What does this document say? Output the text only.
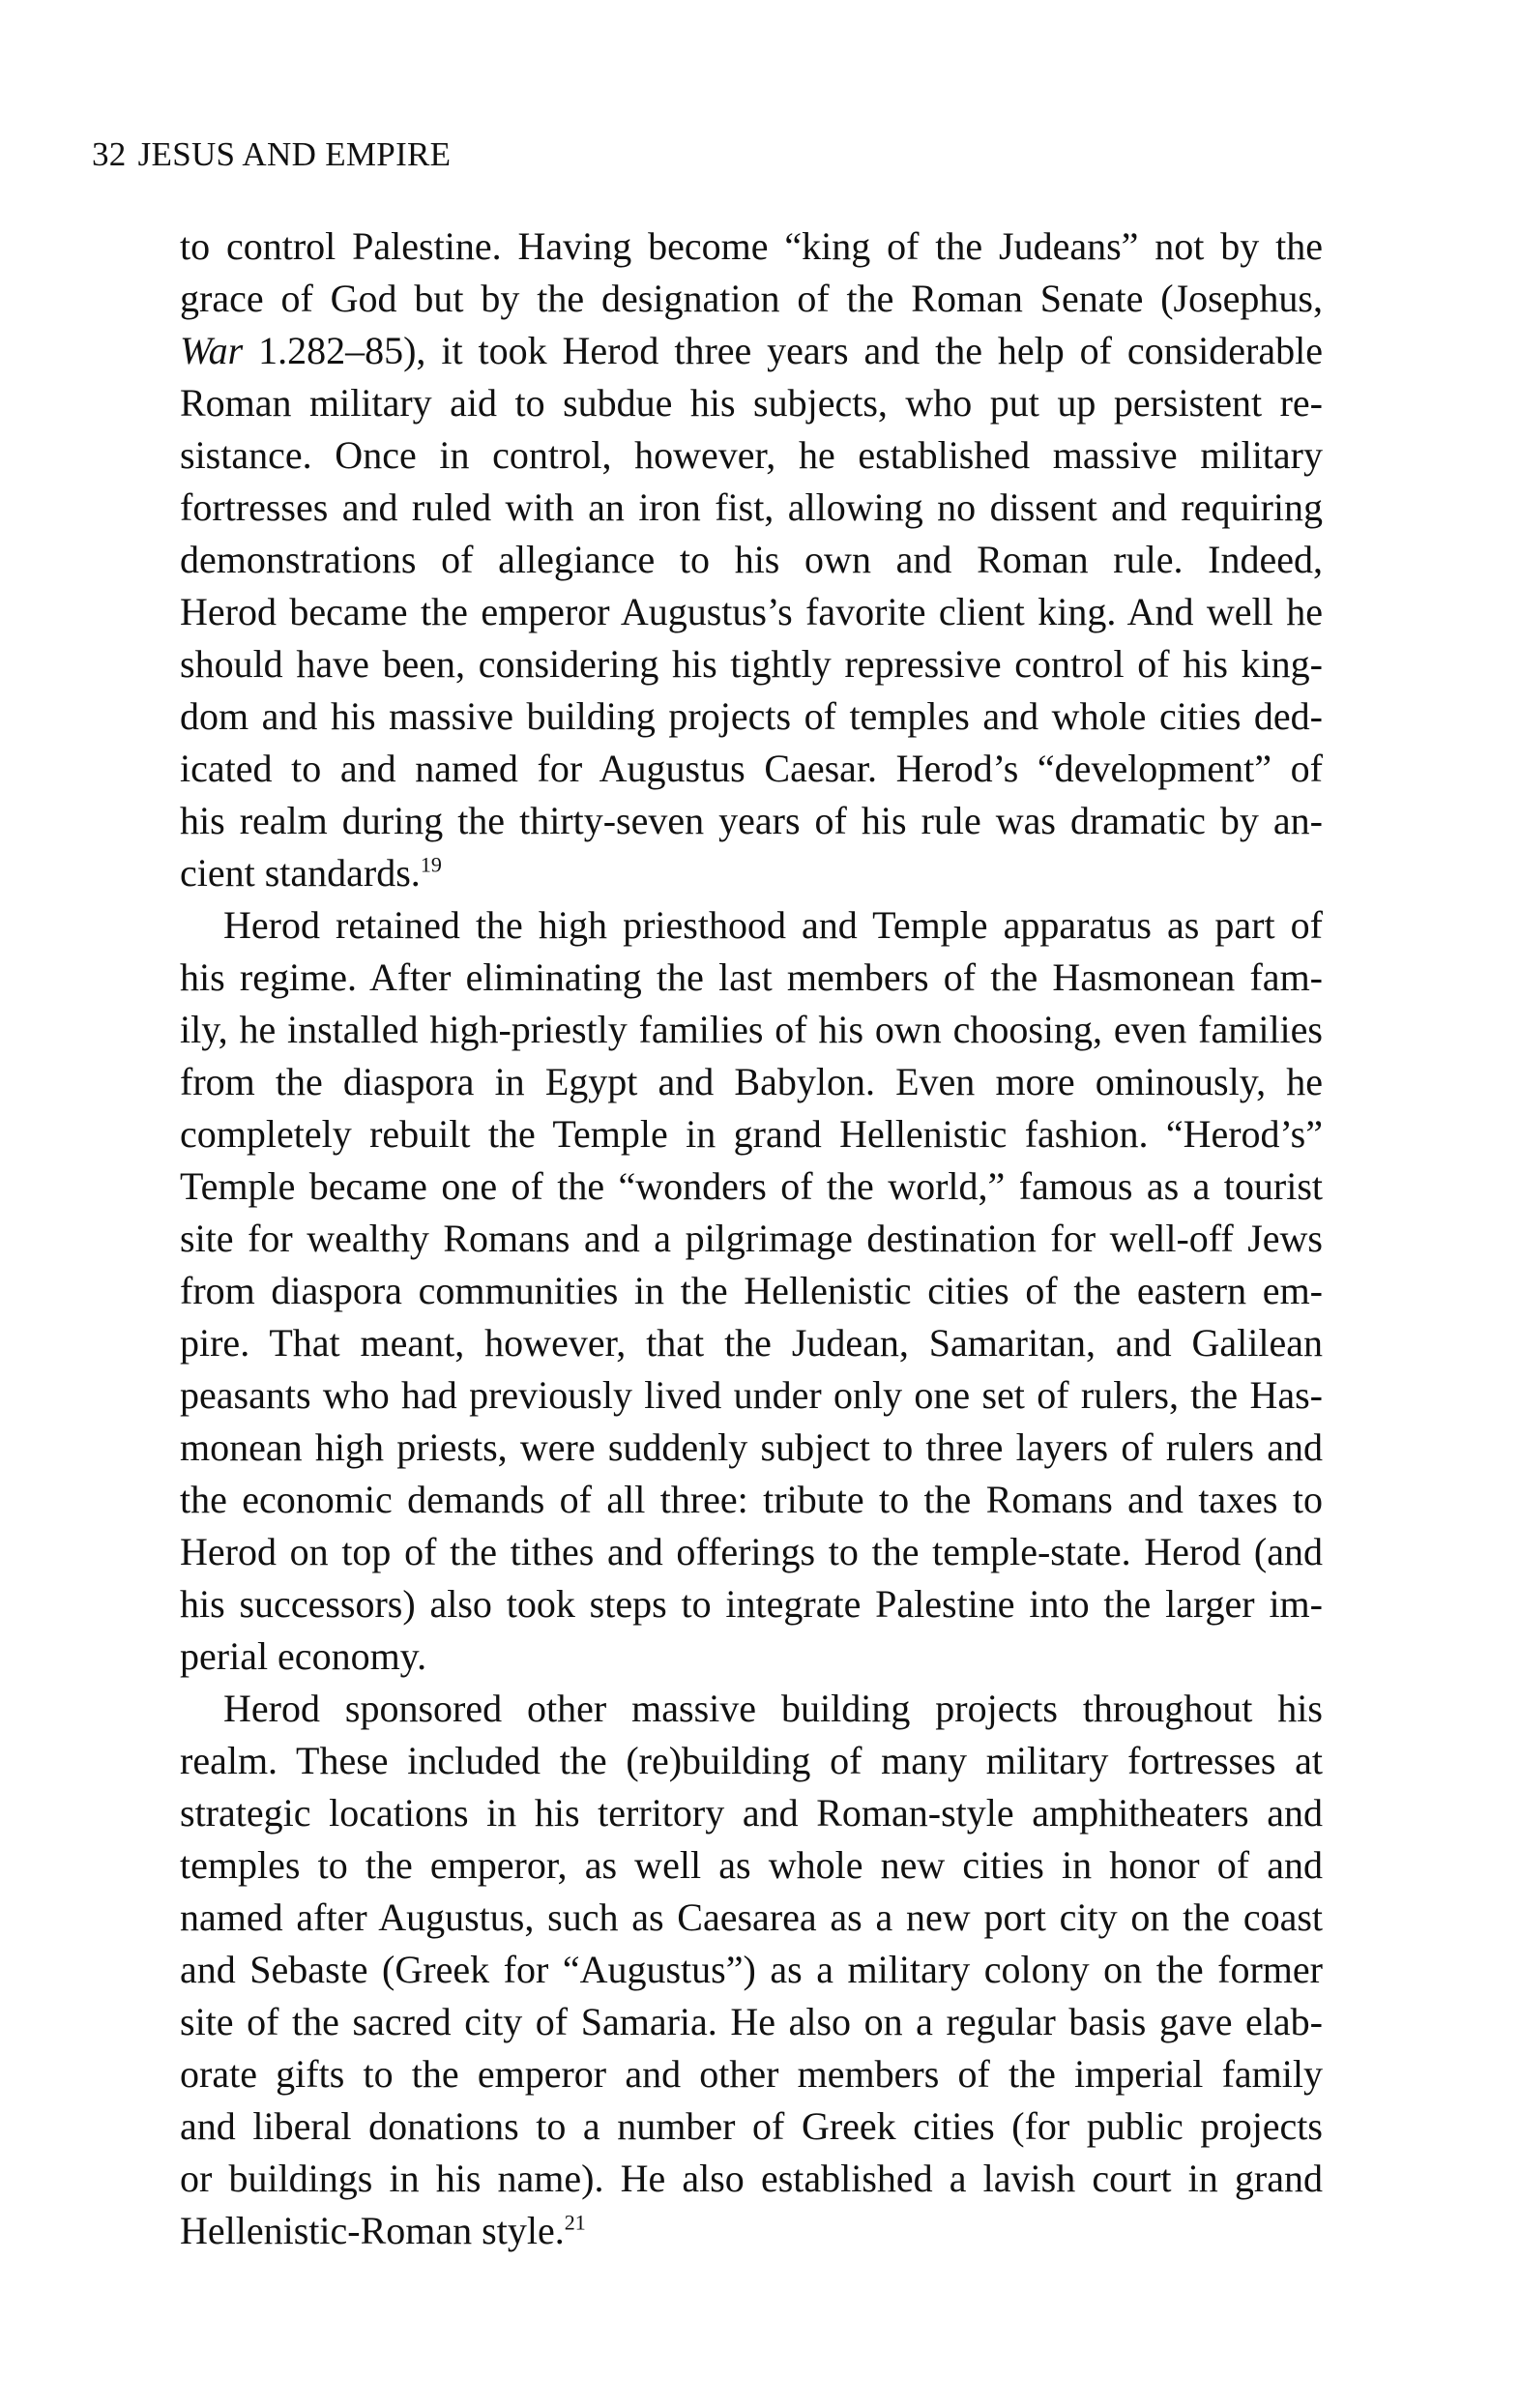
32 JESUS AND EMPIRE
to control Palestine. Having become “king of the Judeans” not by the
grace of God but by the designation of the Roman Senate (Josephus,
War 1.282–85), it took Herod three years and the help of considerable
Roman military aid to subdue his subjects, who put up persistent re-
sistance. Once in control, however, he established massive military
fortresses and ruled with an iron fist, allowing no dissent and requiring
demonstrations of allegiance to his own and Roman rule. Indeed,
Herod became the emperor Augustus’s favorite client king. And well he
should have been, considering his tightly repressive control of his king-
dom and his massive building projects of temples and whole cities ded-
icated to and named for Augustus Caesar. Herod’s “development” of
his realm during the thirty-seven years of his rule was dramatic by an-
cient standards.$^{19}$
Herod retained the high priesthood and Temple apparatus as part of
his regime. After eliminating the last members of the Hasmonean fam-
ily, he installed high-priestly families of his own choosing, even families
from the diaspora in Egypt and Babylon. Even more ominously, he
completely rebuilt the Temple in grand Hellenistic fashion. “Herod’s”
Temple became one of the “wonders of the world,” famous as a tourist
site for wealthy Romans and a pilgrimage destination for well-off Jews
from diaspora communities in the Hellenistic cities of the eastern em-
pire. That meant, however, that the Judean, Samaritan, and Galilean
peasants who had previously lived under only one set of rulers, the Has-
monean high priests, were suddenly subject to three layers of rulers and
the economic demands of all three: tribute to the Romans and taxes to
Herod on top of the tithes and offerings to the temple-state. Herod (and
his successors) also took steps to integrate Palestine into the larger im-
perial economy.
Herod sponsored other massive building projects throughout his
realm. These included the (re)building of many military fortresses at
strategic locations in his territory and Roman-style amphitheaters and
temples to the emperor, as well as whole new cities in honor of and
named after Augustus, such as Caesarea as a new port city on the coast
and Sebaste (Greek for “Augustus”) as a military colony on the former
site of the sacred city of Samaria. He also on a regular basis gave elab-
orate gifts to the emperor and other members of the imperial family
and liberal donations to a number of Greek cities (for public projects
or buildings in his name). He also established a lavish court in grand
Hellenistic-Roman style.$^{21}$
